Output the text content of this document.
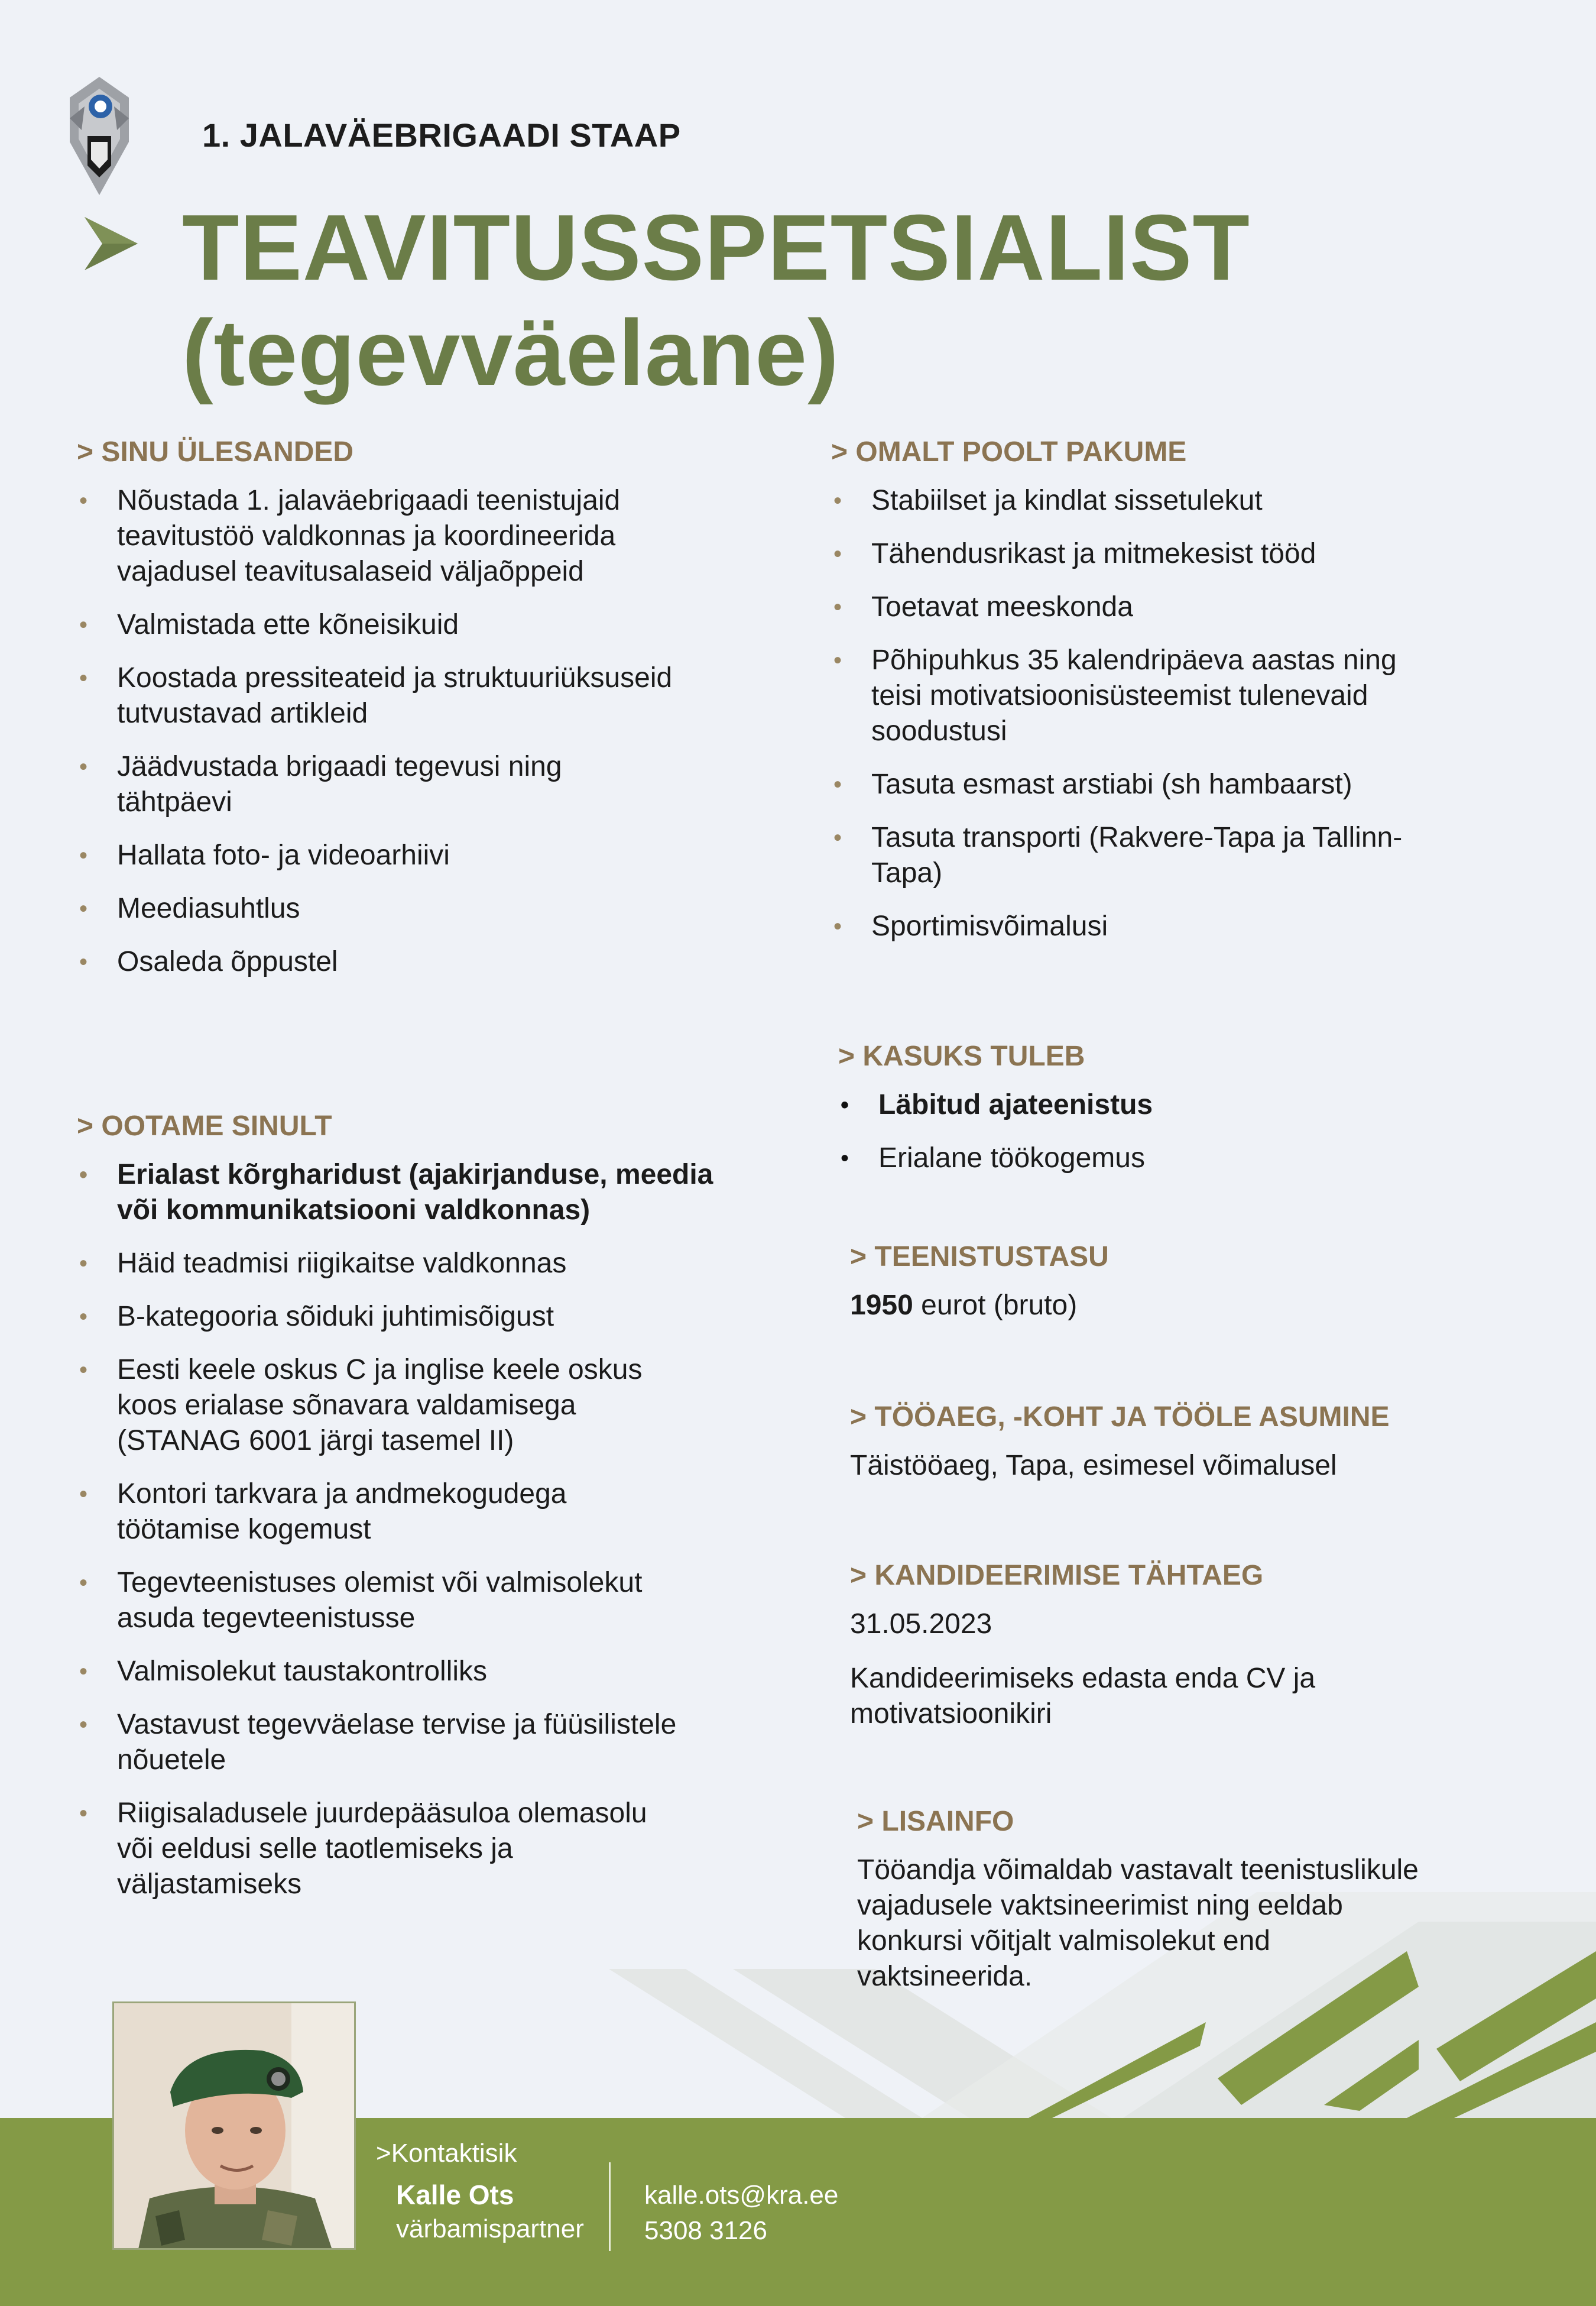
1. JALAVÄEBRIGAADI STAAP
TEAVITUSSPETSIALIST
(tegevväelane)
> SINU ÜLESANDED
• Nõustada 1. jalaväebrigaadi teenistujaid
teavitustöö valdkonnas ja koordineerida
vajadusel teavitusalaseid väljaõppeid
• Valmistada ette kõneisikuid
• Koostada pressiteateid ja struktuuriüksuseid
tutvustavad artikleid
• Jäädvustada brigaadi tegevusi ning
tähtpäevi
• Hallata foto- ja videoarhiivi
• Meediasuhtlus
• Osaleda õppustel
> OOTAME SINULT
• Erialast kõrgharidust (ajakirjanduse, meedia
või kommunikatsiooni valdkonnas)
• Häid teadmisi riigikaitse valdkonnas
• B-kategooria sõiduki juhtimisõigust
• Eesti keele oskus C ja inglise keele oskus
koos erialase sõnavara valdamisega
(STANAG 6001 järgi tasemel II)
• Kontori tarkvara ja andmekogudega
töötamise kogemust
• Tegevteenistuses olemist või valmisolekut
asuda tegevteenistusse
• Valmisolekut taustakontrolliks
• Vastavust tegevväelase tervise ja füüsilistele
nõuetele
• Riigisaladusele juurdepääsuloa olemasolu
või eeldusi selle taotlemiseks ja
väljastamiseks
> OMALT POOLT PAKUME
• Stabiilset ja kindlat sissetulekut
• Tähendusrikast ja mitmekesist tööd
• Toetavat meeskonda
• Põhipuhkus 35 kalendripäeva aastas ning
teisi motivatsioonisüsteemist tulenevaid
soodustusi
• Tasuta esmast arstiabi (sh hambaarst)
• Tasuta transporti (Rakvere-Tapa ja Tallinn-
Tapa)
• Sportimisvõimalusi
> KASUKS TULEB
• Läbitud ajateenistus
• Erialane töökogemus
> TEENISTUSTASU

1950 eurot (bruto)

> TÖÖAEG, -KOHT JA TÖÖLE ASUMINE

Täistööaeg, Tapa, esimesel võimalusel

> KANDIDEERIMISE TÄHTAEG

31.05.2023

Kandideerimiseks edasta enda CV ja
motivatsioonikiri

> LISAINFO

Tööandja võimaldab vastavalt teenistuslikule
vajadusele vaktsineerimist ning eeldab
konkursi võitjalt valmisolekut end
vaktsineerida.

>Kontaktisik
Kalle Ots
värbamispartner
kalle.ots@kra.ee
5308 3126
